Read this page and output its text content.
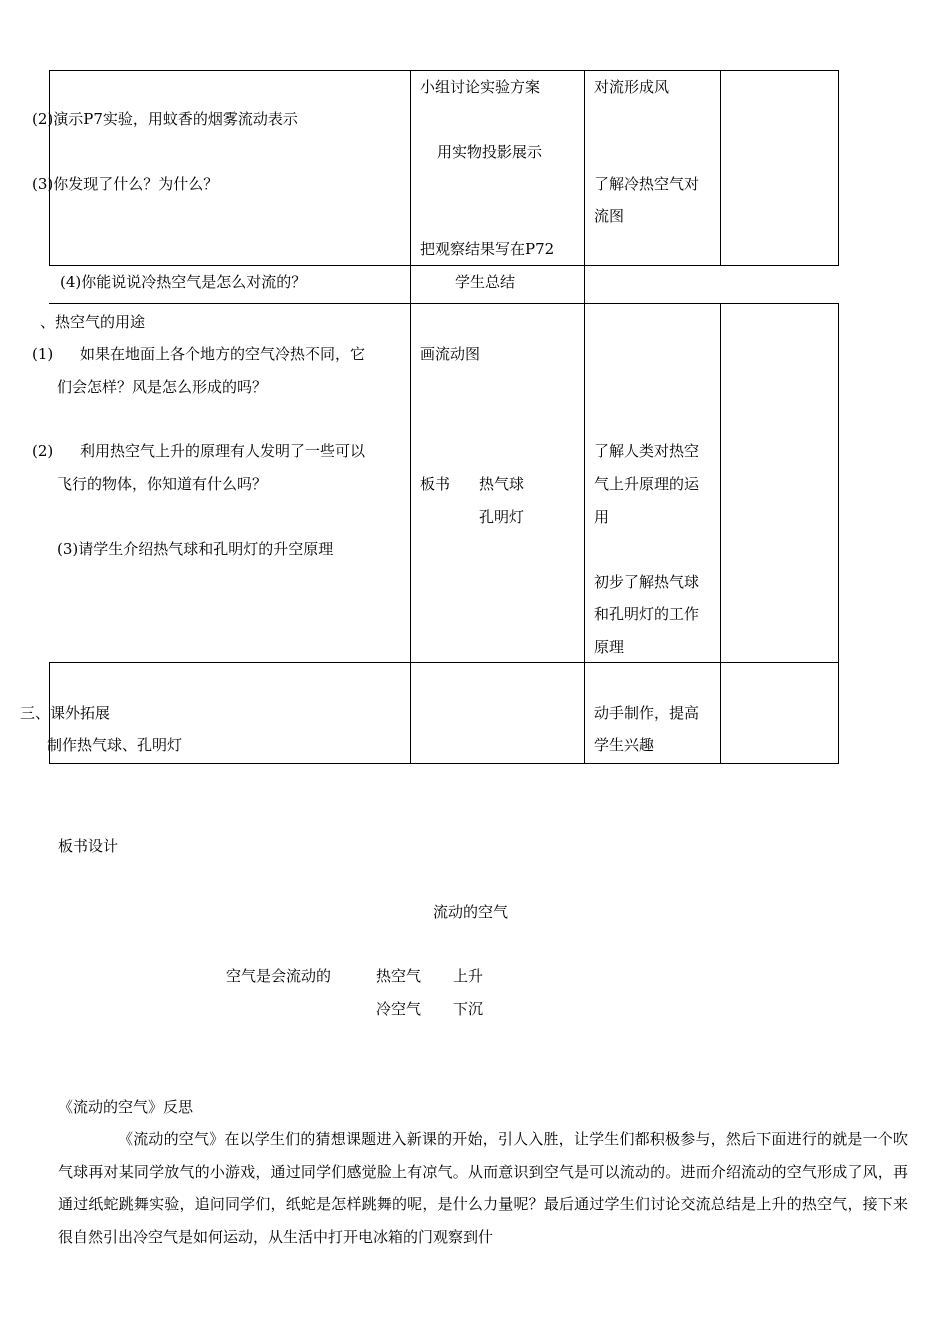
(2)演示P7实验，用蚊香的烟雾流动表示
(3)你发现了什么？为什么？
小组讨论实验方案
用实物投影展示
把观察结果写在P72
对流形成风
了解冷热空气对
流图
(4)你能说说冷热空气是怎么对流的？	学生总结
、热空气的用途
(1) 如果在地面上各个地方的空气冷热不同，它
们会怎样？风是怎么形成的吗？
(2) 利用热空气上升的原理有人发明了一些可以
飞行的物体，你知道有什么吗？
(3)请学生介绍热气球和孔明灯的升空原理
画流动图
板书 热气球
孔明灯
了解人类对热空
气上升原理的运
用
初步了解热气球
和孔明灯的工作
原理
三、课外拓展
制作热气球、孔明灯
动手制作，提高
学生兴趣
板书设计
流动的空气
空气是会流动的	热空气 上升
冷空气 下沉
《流动的空气》反思
《流动的空气》在以学生们的猜想课题进入新课的开始，引人入胜，让学生们都积极参与，然后下面进行的就是一个吹气球再对某同学放气的小游戏，通过同学们感觉脸上有凉气。从而意识到空气是可以流动的。进而介绍流动的空气形成了风，再通过纸蛇跳舞实验，追问同学们，纸蛇是怎样跳舞的呢，是什么力量呢？最后通过学生们讨论交流总结是上升的热空气，接下来很自然引出冷空气是如何运动，从生活中打开电冰箱的门观察到什
